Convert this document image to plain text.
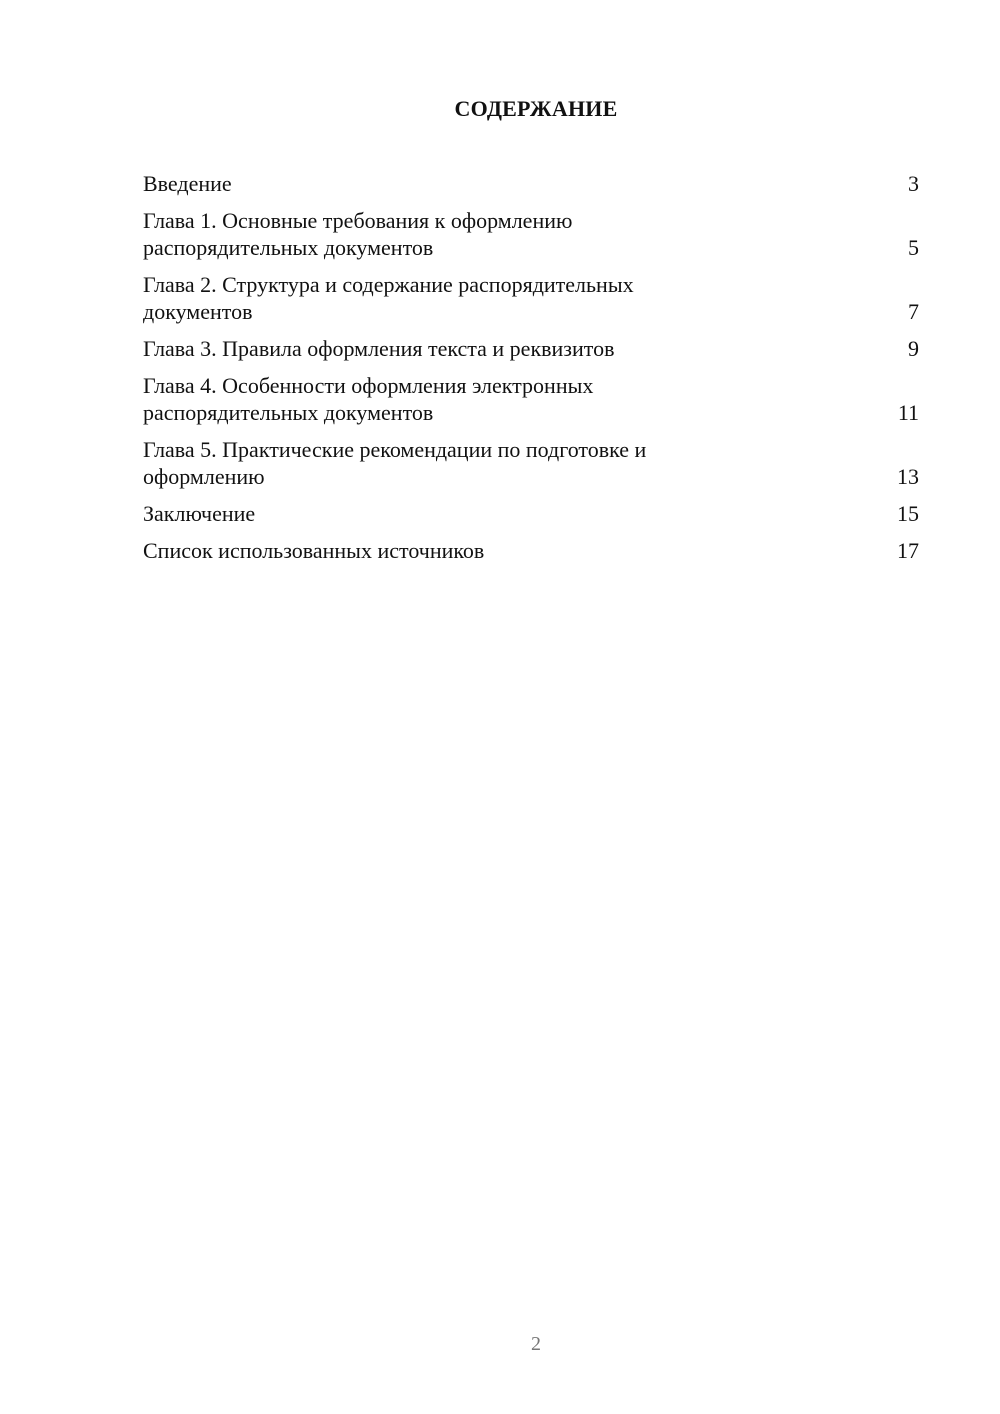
СОДЕРЖАНИЕ
Введение	3
Глава 1. Основные требования к оформлению распорядительных документов	5
Глава 2. Структура и содержание распорядительных документов	7
Глава 3. Правила оформления текста и реквизитов	9
Глава 4. Особенности оформления электронных распорядительных документов	11
Глава 5. Практические рекомендации по подготовке и оформлению	13
Заключение	15
Список использованных источников	17
2
